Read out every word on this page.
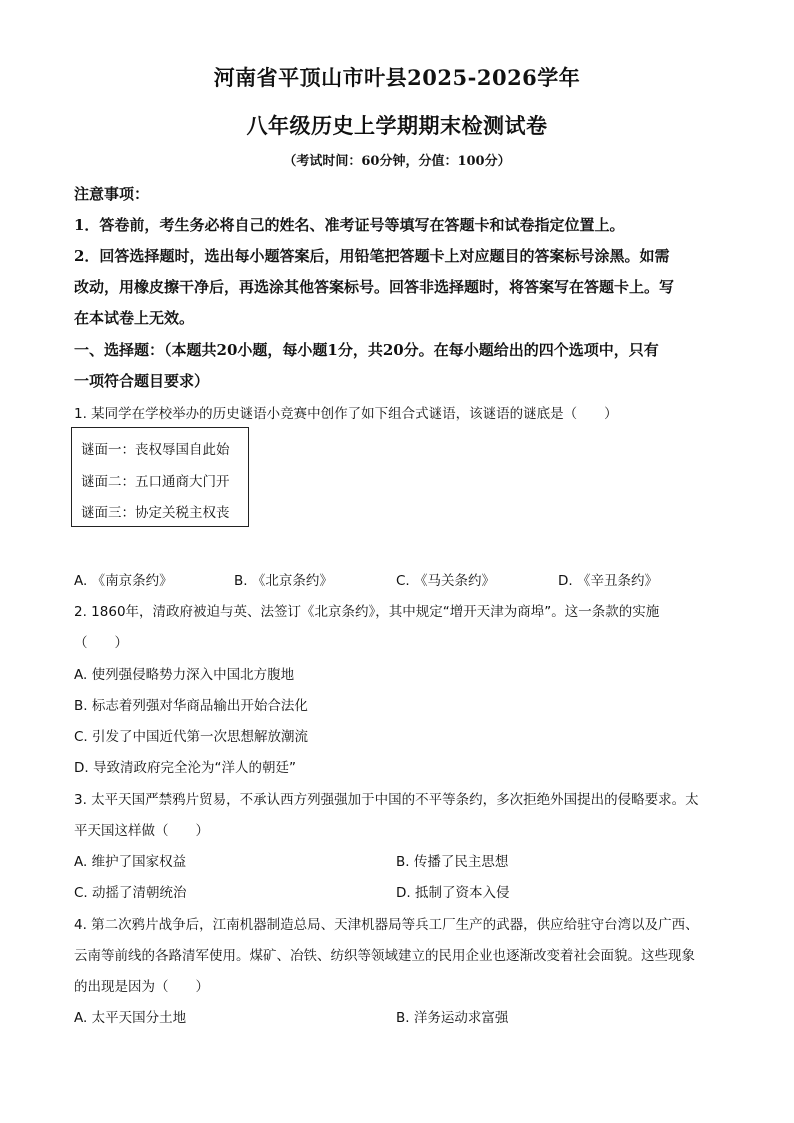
河南省平顶山市叶县2025-2026学年
八年级历史上学期期末检测试卷
（考试时间：60分钟，分值：100分）
注意事项：
1．答卷前，考生务必将自己的姓名、准考证号等填写在答题卡和试卷指定位置上。
2．回答选择题时，选出每小题答案后，用铅笔把答题卡上对应题目的答案标号涂黑。如需
改动，用橡皮擦干净后，再选涂其他答案标号。回答非选择题时，将答案写在答题卡上。写
在本试卷上无效。
一、选择题：（本题共20小题，每小题1分，共20分。在每小题给出的四个选项中，只有
一项符合题目要求）
1. 某同学在学校举办的历史谜语小竞赛中创作了如下组合式谜语，该谜语的谜底是（　　）
谜面一：丧权辱国自此始
谜面二：五口通商大门开
谜面三：协定关税主权丧
A. 《南京条约》	B. 《北京条约》	C. 《马关条约》	D. 《辛丑条约》
2. 1860年，清政府被迫与英、法签订《北京条约》，其中规定“增开天津为商埠”。这一条款的实施
（　　）
A. 使列强侵略势力深入中国北方腹地
B. 标志着列强对华商品输出开始合法化
C. 引发了中国近代第一次思想解放潮流
D. 导致清政府完全沦为“洋人的朝廷”
3. 太平天国严禁鸦片贸易，不承认西方列强强加于中国的不平等条约，多次拒绝外国提出的侵略要求。太
平天国这样做（　　）
A. 维护了国家权益	B. 传播了民主思想
C. 动摇了清朝统治	D. 抵制了资本入侵
4. 第二次鸦片战争后，江南机器制造总局、天津机器局等兵工厂生产的武器，供应给驻守台湾以及广西、
云南等前线的各路清军使用。煤矿、冶铁、纺织等领域建立的民用企业也逐渐改变着社会面貌。这些现象
的出现是因为（　　）
A. 太平天国分土地	B. 洋务运动求富强
